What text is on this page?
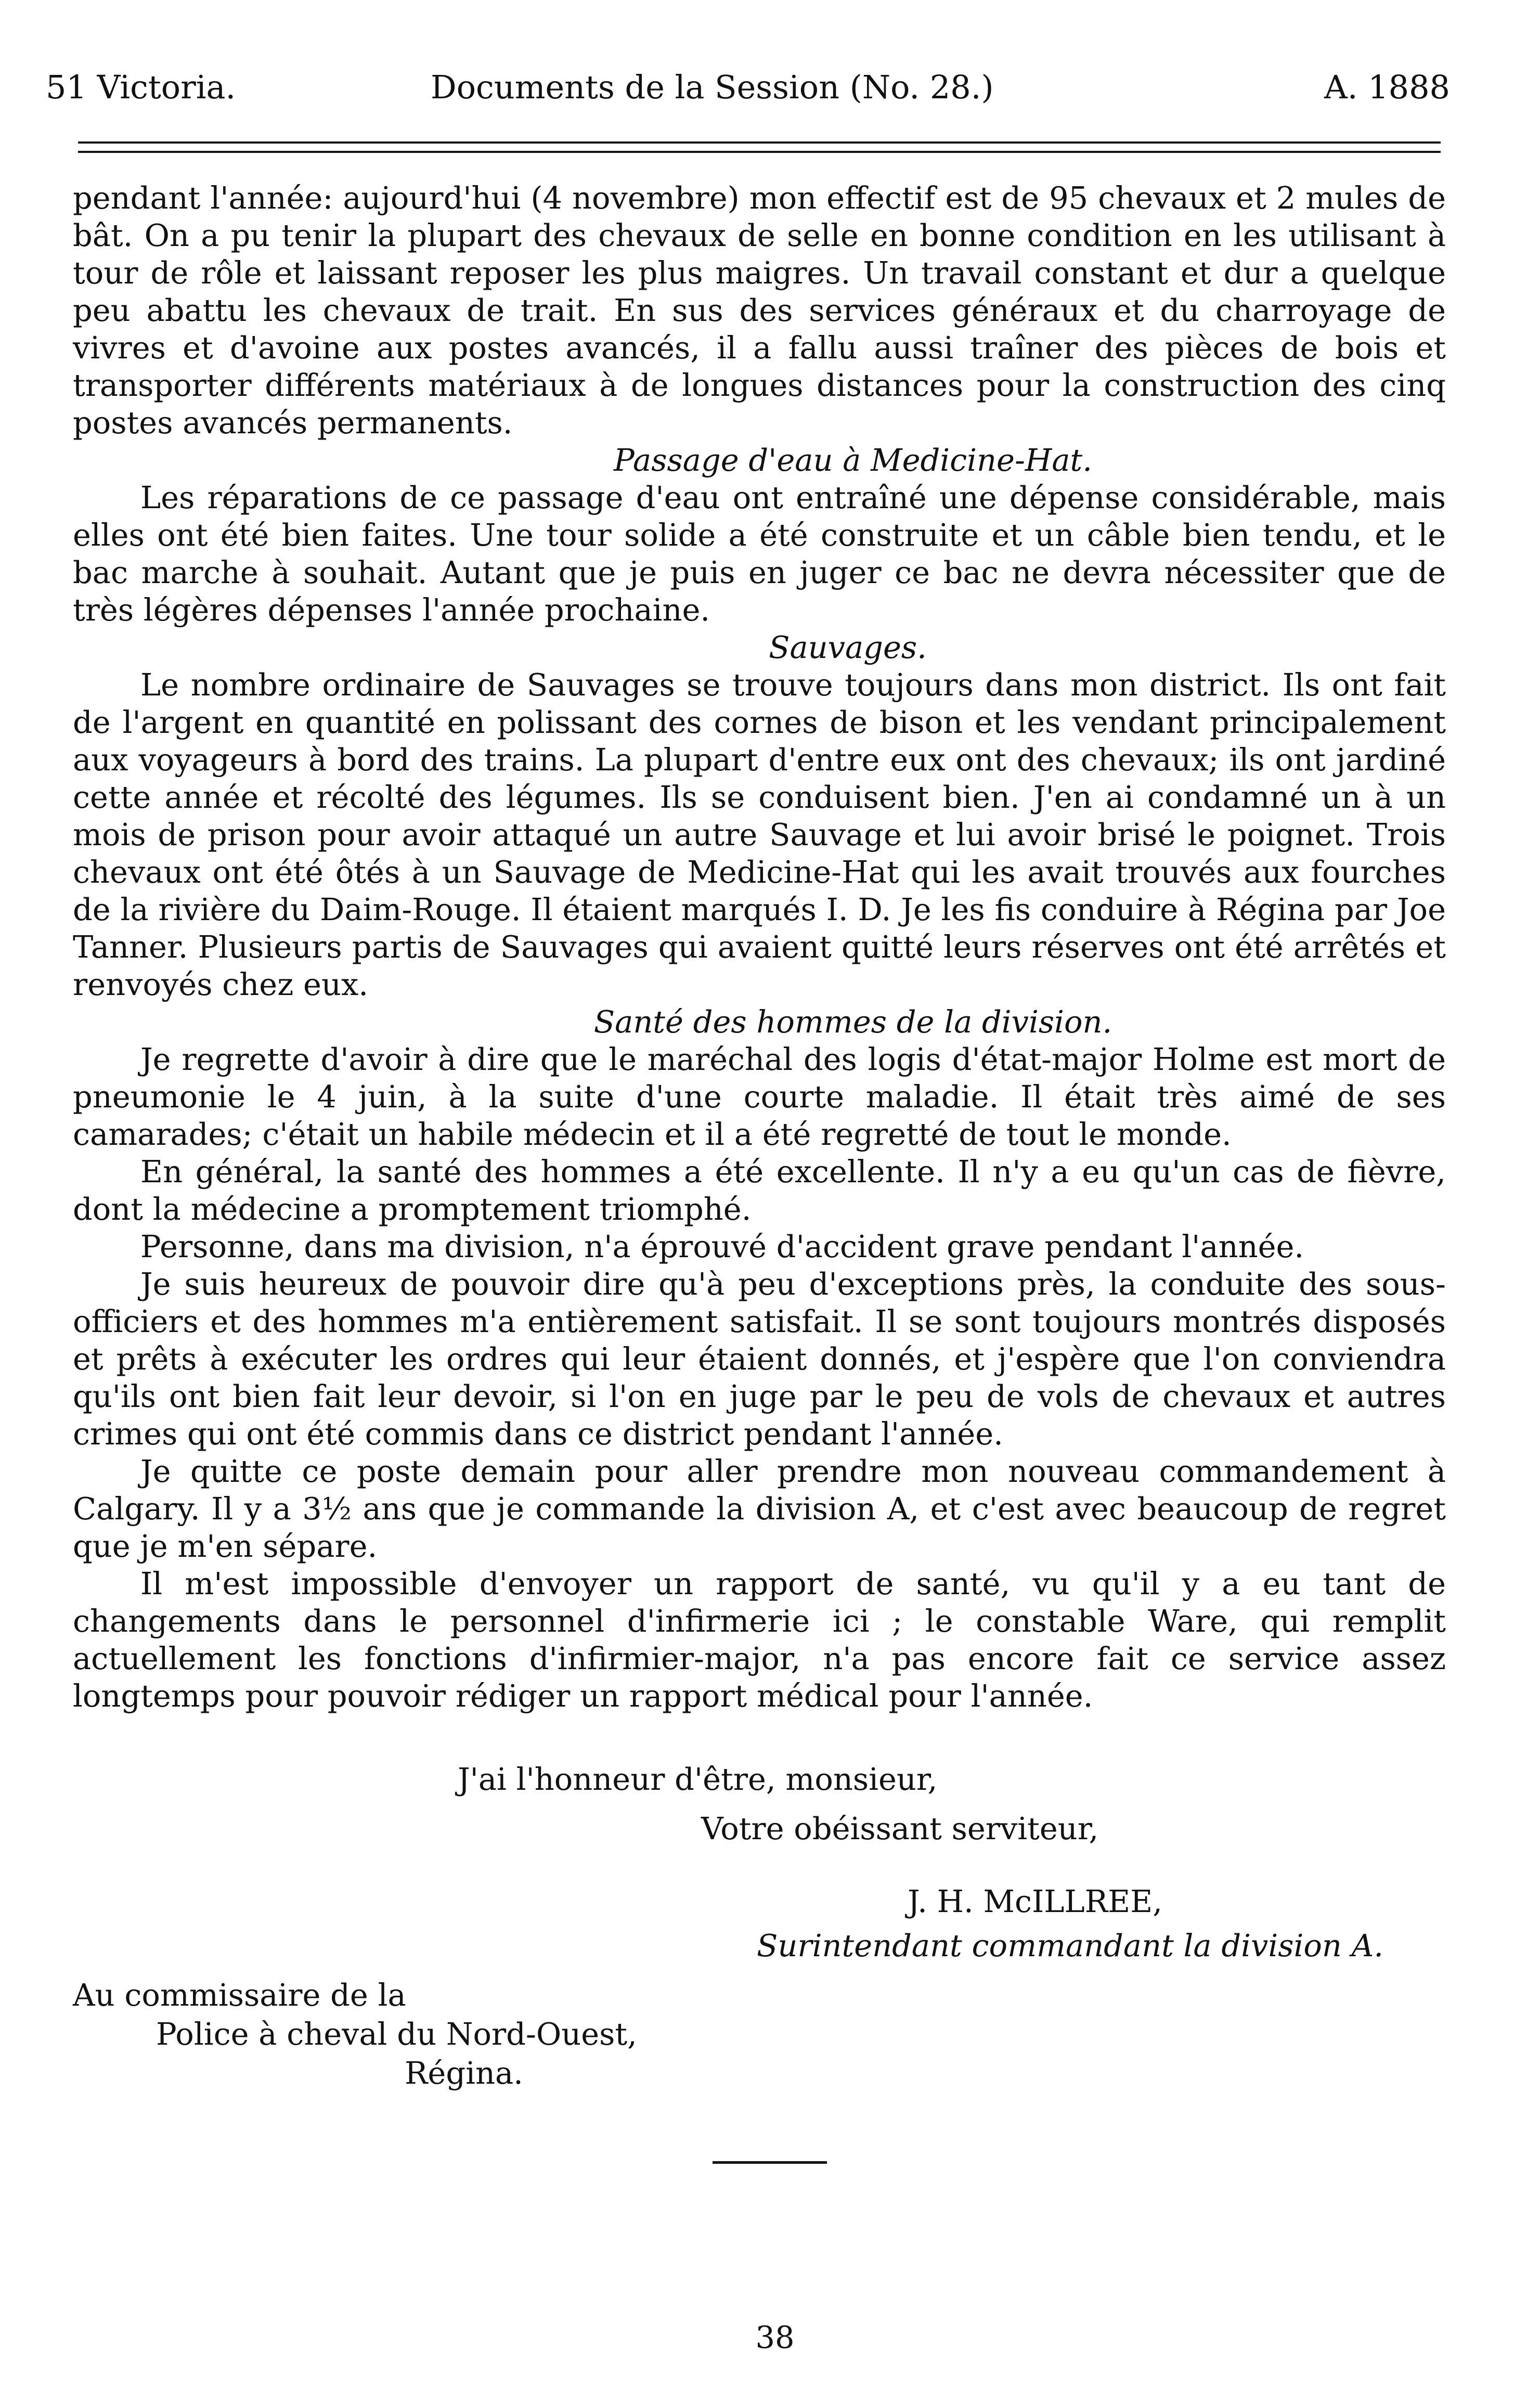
51 Victoria.	Documents de la Session (No. 28.)	A. 1888

pendant l'année: aujourd'hui (4 novembre) mon effectif est de 95 chevaux et 2 mules de bât. On a pu tenir la plupart des chevaux de selle en bonne condition en les utilisant à tour de rôle et laissant reposer les plus maigres. Un travail constant et dur a quelque peu abattu les chevaux de trait. En sus des services généraux et du charroyage de vivres et d'avoine aux postes avancés, il a fallu aussi traîner des pièces de bois et transporter différents matériaux à de longues distances pour la construction des cinq postes avancés permanents.

Passage d'eau à Medicine-Hat.

Les réparations de ce passage d'eau ont entraîné une dépense considérable, mais elles ont été bien faites. Une tour solide a été construite et un câble bien tendu, et le bac marche à souhait. Autant que je puis en juger ce bac ne devra nécessiter que de très légères dépenses l'année prochaine.

Sauvages.

Le nombre ordinaire de Sauvages se trouve toujours dans mon district. Ils ont fait de l'argent en quantité en polissant des cornes de bison et les vendant principalement aux voyageurs à bord des trains. La plupart d'entre eux ont des chevaux; ils ont jardiné cette année et récolté des légumes. Ils se conduisent bien. J'en ai condamné un à un mois de prison pour avoir attaqué un autre Sauvage et lui avoir brisé le poignet. Trois chevaux ont été ôtés à un Sauvage de Medicine-Hat qui les avait trouvés aux fourches de la rivière du Daim-Rouge. Il étaient marqués I. D. Je les fis conduire à Régina par Joe Tanner. Plusieurs partis de Sauvages qui avaient quitté leurs réserves ont été arrêtés et renvoyés chez eux.

Santé des hommes de la division.

Je regrette d'avoir à dire que le maréchal des logis d'état-major Holme est mort de pneumonie le 4 juin, à la suite d'une courte maladie. Il était très aimé de ses camarades; c'était un habile médecin et il a été regretté de tout le monde.

En général, la santé des hommes a été excellente. Il n'y a eu qu'un cas de fièvre, dont la médecine a promptement triomphé.

Personne, dans ma division, n'a éprouvé d'accident grave pendant l'année.

Je suis heureux de pouvoir dire qu'à peu d'exceptions près, la conduite des sous-officiers et des hommes m'a entièrement satisfait. Il se sont toujours montrés disposés et prêts à exécuter les ordres qui leur étaient donnés, et j'espère que l'on conviendra qu'ils ont bien fait leur devoir, si l'on en juge par le peu de vols de chevaux et autres crimes qui ont été commis dans ce district pendant l'année.

Je quitte ce poste demain pour aller prendre mon nouveau commandement à Calgary. Il y a 3½ ans que je commande la division A, et c'est avec beaucoup de regret que je m'en sépare.

Il m'est impossible d'envoyer un rapport de santé, vu qu'il y a eu tant de changements dans le personnel d'infirmerie ici ; le constable Ware, qui remplit actuellement les fonctions d'infirmier-major, n'a pas encore fait ce service assez longtemps pour pouvoir rédiger un rapport médical pour l'année.

J'ai l'honneur d'être, monsieur,
Votre obéissant serviteur,
J. H. McILLREE,
Surintendant commandant la division A.
Au commissaire de la
Police à cheval du Nord-Ouest,
Régina.
38
